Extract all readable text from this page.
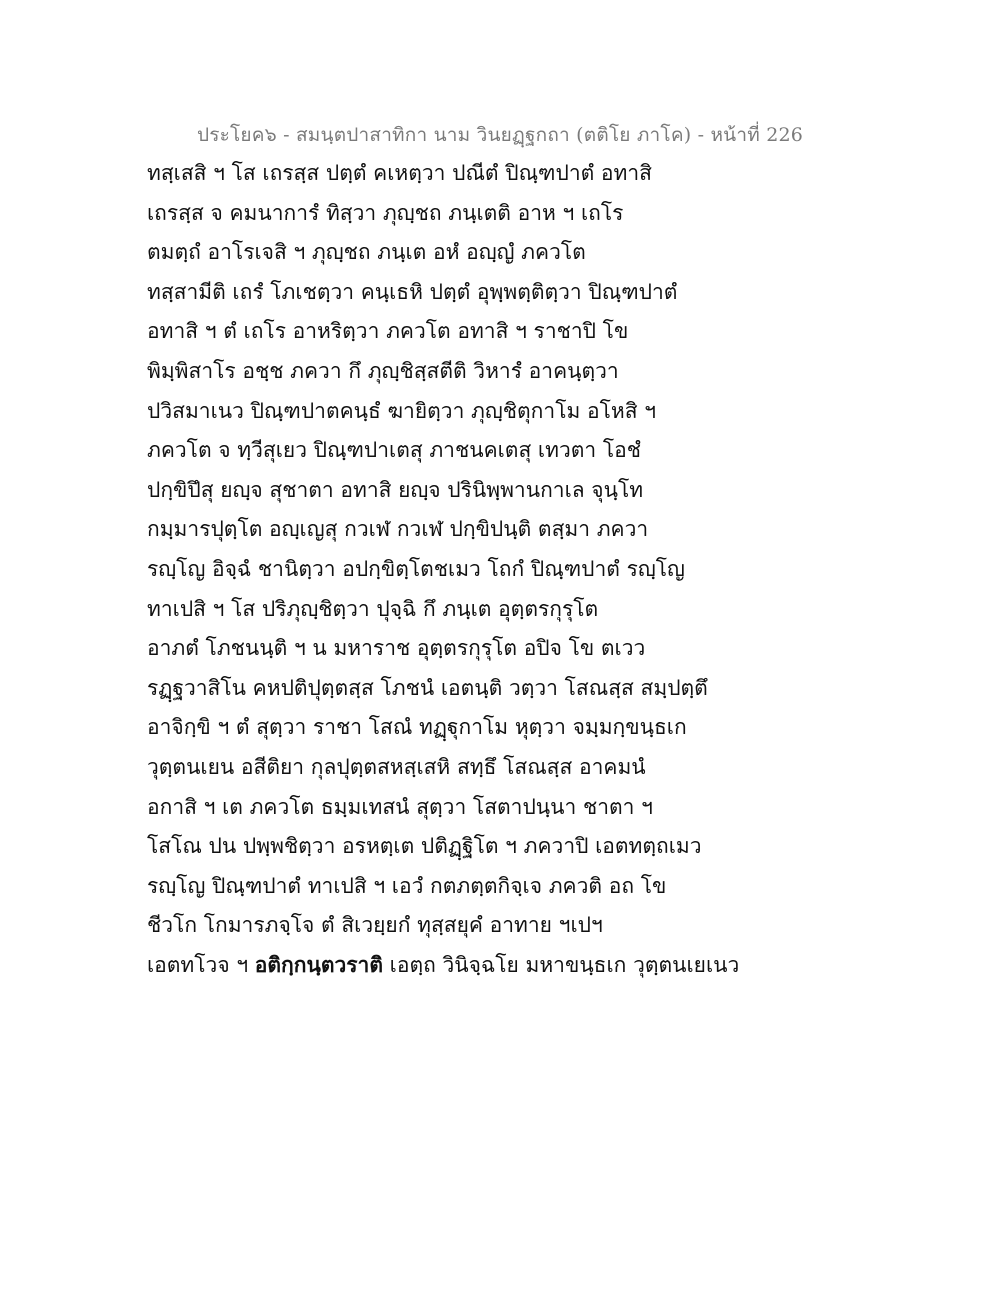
ประโยค๖ - สมนฺตปาสาทิกา นาม วินยฏฺฐกถา (ตติโย ภาโค) - หน้าที่ 226
ทสฺเสสิ ฯ โส เถรสฺส ปตฺตํ คเหตฺวา ปณีตํ ปิณฺฑปาตํ อทาสิ
เถรสฺส จ คมนาการํ ทิสฺวา ภุญฺชถ ภนฺเตติ อาห ฯ เถโร
ตมตฺถํ อาโรเจสิ ฯ ภุญฺชถ ภนฺเต อหํ อญฺญํ ภควโต
ทสฺสามีติ เถรํ โภเชตฺวา คนฺเธหิ ปตฺตํ อุพฺพตฺติตฺวา ปิณฺฑปาตํ
อทาสิ ฯ ตํ เถโร อาหริตฺวา ภควโต อทาสิ ฯ ราชาปิ โข
พิมฺพิสาโร อชฺช ภควา กึ ภุญฺชิสฺสตีติ วิหารํ อาคนฺตฺวา
ปวิสมาเนว ปิณฺฑปาตคนฺธํ ฆายิตฺวา ภุญฺชิตุกาโม อโหสิ ฯ
ภควโต จ ทฺวีสุเยว ปิณฺฑปาเตสุ ภาชนคเตสุ เทวตา โอชํ
ปกฺขิปึสุ ยญฺจ สุชาตา อทาสิ ยญฺจ ปรินิพฺพานกาเล จุนฺโท
กมฺมารปุตฺโต อญฺเญสุ กวเฬ กวเฬ ปกฺขิปนฺติ ตสฺมา ภควา
รญฺโญ อิจฺฉํ ชานิตฺวา อปกฺขิตฺโตชเมว โถกํ ปิณฺฑปาตํ รญฺโญ
ทาเปสิ ฯ โส ปริภุญฺชิตฺวา ปุจฺฉิ กึ ภนฺเต อุตฺตรกุรุโต
อาภตํ โภชนนฺติ ฯ น มหาราช อุตฺตรกุรุโต อปิจ โข ตเวว
รฏฺฐวาสิโน คหปติปุตฺตสฺส โภชนํ เอตนฺติ วตฺวา โสณสฺส สมฺปตฺตึ
อาจิกฺขิ ฯ ตํ สุตฺวา ราชา โสณํ ทฏฺฐุกาโม หุตฺวา จมฺมกฺขนฺธเก
วุตฺตนเยน อสีติยา กุลปุตฺตสหสฺเสหิ สทฺธึ โสณสฺส อาคมนํ
อกาสิ ฯ เต ภควโต ธมฺมเทสนํ สุตฺวา โสตาปนฺนา ชาตา ฯ
โสโณ ปน ปพฺพชิตฺวา อรหตฺเต ปติฏฺฐิโต ฯ ภควาปิ เอตทตฺถเมว
รญฺโญ ปิณฺฑปาตํ ทาเปสิ ฯ เอวํ กตภตฺตกิจฺเจ ภควติ อถ โข
ชีวโก โกมารภจฺโจ ตํ สิเวยฺยกํ ทุสฺสยุคํ อาทาย ฯเปฯ
เอตทโวจ ฯ อติกฺกนฺตวราติ เอตฺถ วินิจฺฉโย มหาขนฺธเก วุตฺตนเยเนว
